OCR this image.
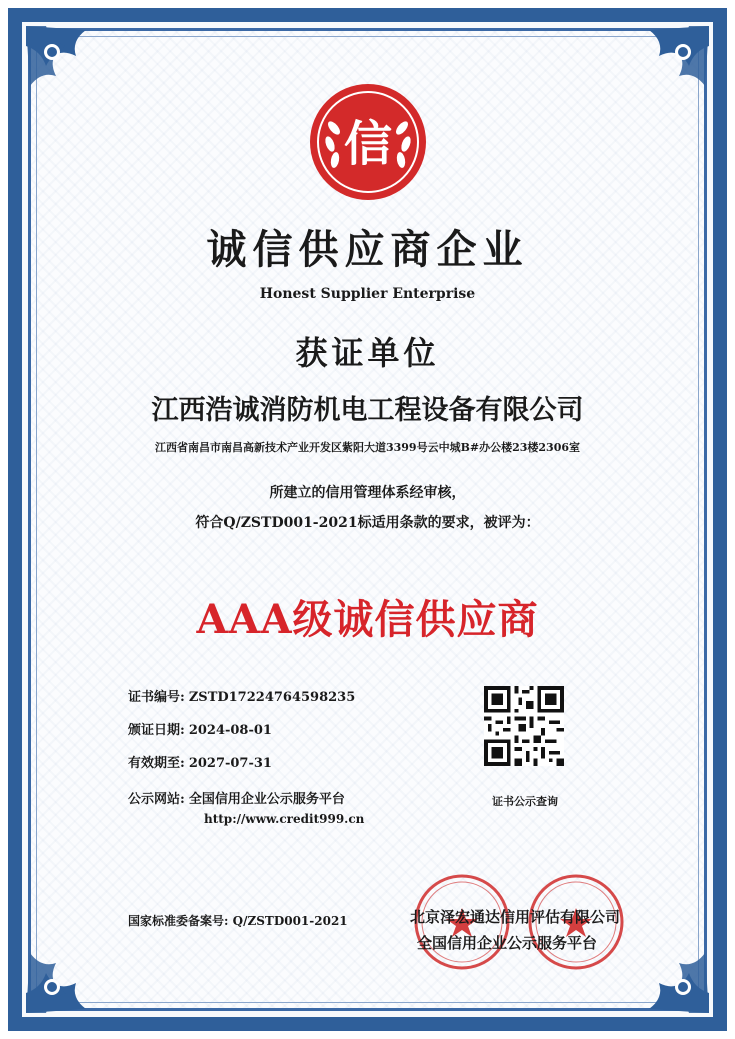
信
诚信供应商企业
Honest Supplier Enterprise
获证单位
江西浩诚消防机电工程设备有限公司
江西省南昌市南昌高新技术产业开发区紫阳大道3399号云中城B#办公楼23楼2306室
所建立的信用管理体系经审核，
符合Q/ZSTD001-2021标适用条款的要求，被评为：
AAA级诚信供应商
证书编号: ZSTD17224764598235
颁证日期: 2024-08-01
有效期至: 2027-07-31
公示网站: 全国信用企业公示服务平台
http://www.credit999.cn
国家标准委备案号: Q/ZSTD001-2021
证书公示查询
北京泽宏通达信用评估有限公司
全国信用企业公示服务平台
